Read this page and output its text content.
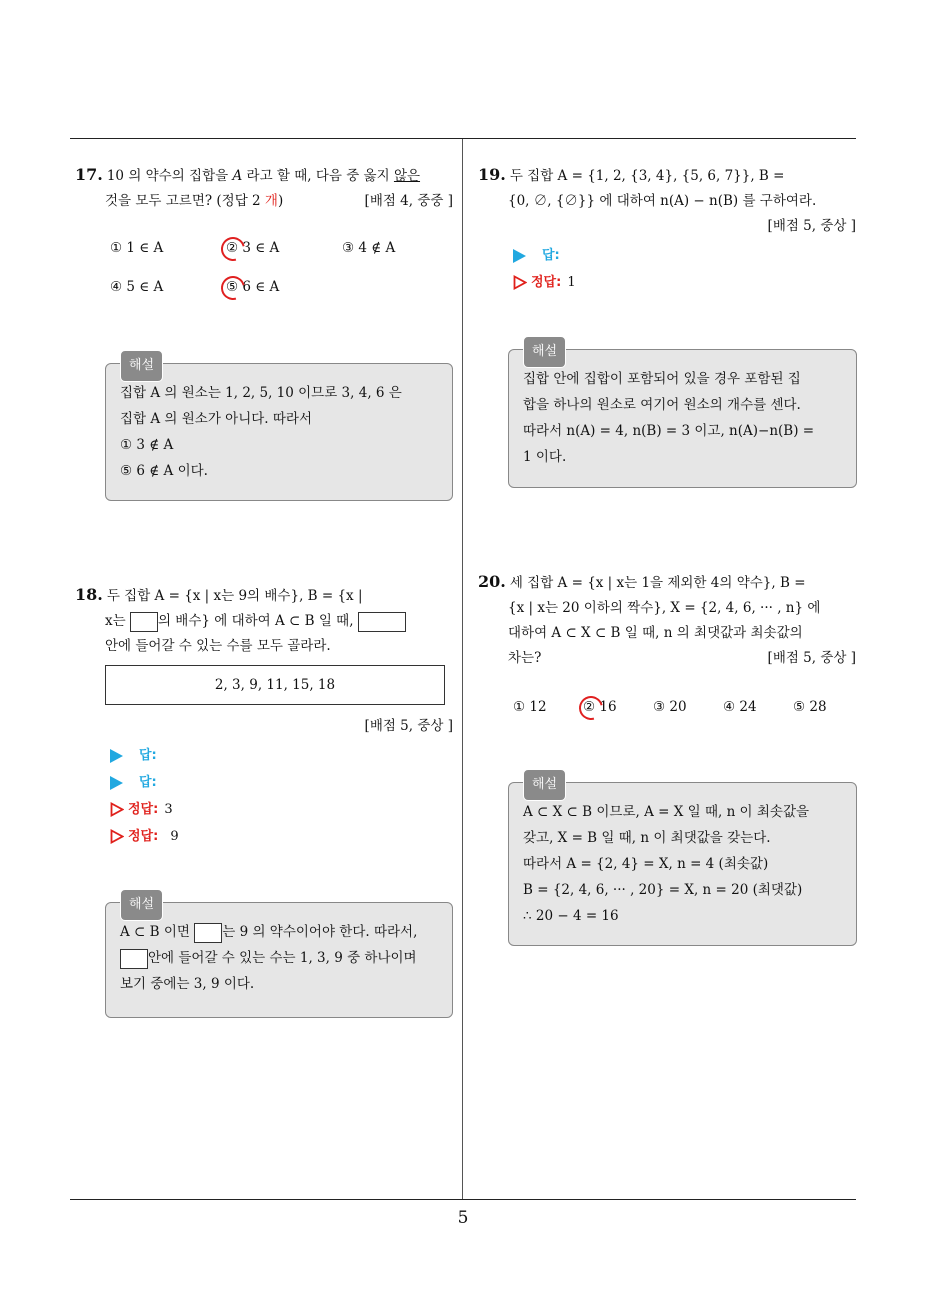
17. 10 의 약수의 집합을 A 라고 할 때, 다음 중 옳지 않은
것을 모두 고르면? (정답 2 개)	[배점 4, 중중 ]
① 1 ∈ A	② 3 ∈ A	③ 4 ∉ A
④ 5 ∈ A	⑤ 6 ∈ A
해설
집합 A 의 원소는 1, 2, 5, 10 이므로 3, 4, 6 은
집합 A 의 원소가 아니다. 따라서
① 3 ∉ A
⑤ 6 ∉ A 이다.
18. 두 집합 A = {x | x는 9의 배수}, B = {x |
x는 의 배수} 에 대하여 A ⊂ B 일 때,
안에 들어갈 수 있는 수를 모두 골라라.
2, 3, 9, 11, 15, 18
[배점 5, 중상 ]
답:
답:
정답: 3
정답: 9
해설
A ⊂ B 이면 는 9 의 약수이어야 한다. 따라서,
안에 들어갈 수 있는 수는 1, 3, 9 중 하나이며
보기 중에는 3, 9 이다.
19. 두 집합 A = {1, 2, {3, 4}, {5, 6, 7}}, B =
{0, ∅, {∅}} 에 대하여 n(A) − n(B) 를 구하여라.
[배점 5, 중상 ]
답:
정답: 1
해설
집합 안에 집합이 포함되어 있을 경우 포함된 집
합을 하나의 원소로 여기어 원소의 개수를 센다.
따라서 n(A) = 4, n(B) = 3 이고, n(A)−n(B) =
1 이다.
20. 세 집합 A = {x | x는 1을 제외한 4의 약수}, B =
{x | x는 20 이하의 짝수}, X = {2, 4, 6, ··· , n} 에
대하여 A ⊂ X ⊂ B 일 때, n 의 최댓값과 최솟값의
차는?	[배점 5, 중상 ]
① 12	② 16	③ 20	④ 24	⑤ 28
해설
A ⊂ X ⊂ B 이므로, A = X 일 때, n 이 최솟값을
갖고, X = B 일 때, n 이 최댓값을 갖는다.
따라서 A = {2, 4} = X, n = 4 (최솟값)
B = {2, 4, 6, ··· , 20} = X, n = 20 (최댓값)
∴ 20 − 4 = 16
5
